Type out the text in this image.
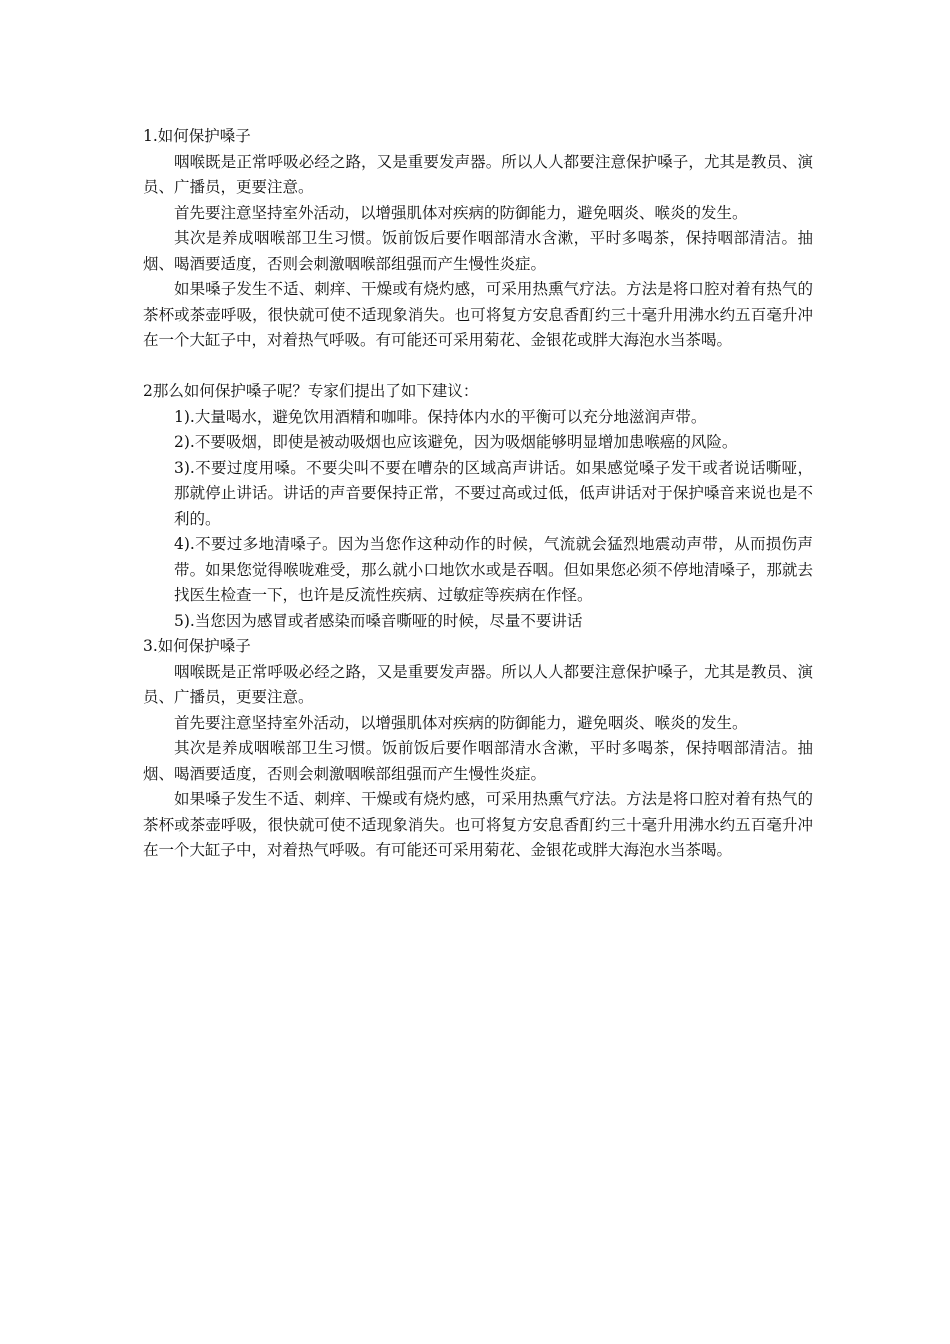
1.如何保护嗓子

咽喉既是正常呼吸必经之路，又是重要发声器。所以人人都要注意保护嗓子，尤其是教员、演员、广播员，更要注意。

首先要注意坚持室外活动，以增强肌体对疾病的防御能力，避免咽炎、喉炎的发生。

其次是养成咽喉部卫生习惯。饭前饭后要作咽部清水含漱，平时多喝茶，保持咽部清洁。抽烟、喝酒要适度，否则会刺激咽喉部组强而产生慢性炎症。

如果嗓子发生不适、刺痒、干燥或有烧灼感，可采用热熏气疗法。方法是将口腔对着有热气的茶杯或茶壶呼吸，很快就可使不适现象消失。也可将复方安息香酊约三十毫升用沸水约五百毫升冲在一个大缸子中，对着热气呼吸。有可能还可采用菊花、金银花或胖大海泡水当茶喝。

2那么如何保护嗓子呢？专家们提出了如下建议：

1).大量喝水，避免饮用酒精和咖啡。保持体内水的平衡可以充分地滋润声带。

2).不要吸烟，即使是被动吸烟也应该避免，因为吸烟能够明显增加患喉癌的风险。

3).不要过度用嗓。不要尖叫不要在嘈杂的区域高声讲话。如果感觉嗓子发干或者说话嘶哑，那就停止讲话。讲话的声音要保持正常，不要过高或过低，低声讲话对于保护嗓音来说也是不利的。

4).不要过多地清嗓子。因为当您作这种动作的时候，气流就会猛烈地震动声带，从而损伤声带。如果您觉得喉咙难受，那么就小口地饮水或是吞咽。但如果您必须不停地清嗓子，那就去找医生检查一下，也许是反流性疾病、过敏症等疾病在作怪。

5).当您因为感冒或者感染而嗓音嘶哑的时候，尽量不要讲话

3.如何保护嗓子

咽喉既是正常呼吸必经之路，又是重要发声器。所以人人都要注意保护嗓子，尤其是教员、演员、广播员，更要注意。

首先要注意坚持室外活动，以增强肌体对疾病的防御能力，避免咽炎、喉炎的发生。

其次是养成咽喉部卫生习惯。饭前饭后要作咽部清水含漱，平时多喝茶，保持咽部清洁。抽烟、喝酒要适度，否则会刺激咽喉部组强而产生慢性炎症。

如果嗓子发生不适、刺痒、干燥或有烧灼感，可采用热熏气疗法。方法是将口腔对着有热气的茶杯或茶壶呼吸，很快就可使不适现象消失。也可将复方安息香酊约三十毫升用沸水约五百毫升冲在一个大缸子中，对着热气呼吸。有可能还可采用菊花、金银花或胖大海泡水当茶喝。
